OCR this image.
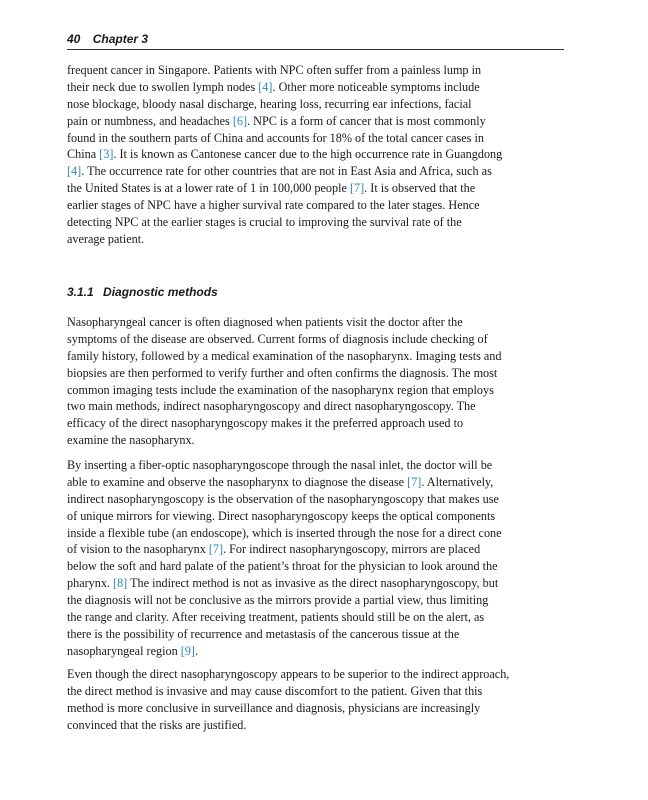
40 Chapter 3

frequent cancer in Singapore. Patients with NPC often suffer from a painless lump in
their neck due to swollen lymph nodes [4]. Other more noticeable symptoms include
nose blockage, bloody nasal discharge, hearing loss, recurring ear infections, facial
pain or numbness, and headaches [6]. NPC is a form of cancer that is most commonly
found in the southern parts of China and accounts for 18% of the total cancer cases in
China [3]. It is known as Cantonese cancer due to the high occurrence rate in Guangdong
[4]. The occurrence rate for other countries that are not in East Asia and Africa, such as
the United States is at a lower rate of 1 in 100,000 people [7]. It is observed that the
earlier stages of NPC have a higher survival rate compared to the later stages. Hence
detecting NPC at the earlier stages is crucial to improving the survival rate of the
average patient.

3.1.1 Diagnostic methods

Nasopharyngeal cancer is often diagnosed when patients visit the doctor after the
symptoms of the disease are observed. Current forms of diagnosis include checking of
family history, followed by a medical examination of the nasopharynx. Imaging tests and
biopsies are then performed to verify further and often confirms the diagnosis. The most
common imaging tests include the examination of the nasopharynx region that employs
two main methods, indirect nasopharyngoscopy and direct nasopharyngoscopy. The
efficacy of the direct nasopharyngoscopy makes it the preferred approach used to
examine the nasopharynx.

By inserting a fiber-optic nasopharyngoscope through the nasal inlet, the doctor will be
able to examine and observe the nasopharynx to diagnose the disease [7]. Alternatively,
indirect nasopharyngoscopy is the observation of the nasopharyngoscopy that makes use
of unique mirrors for viewing. Direct nasopharyngoscopy keeps the optical components
inside a flexible tube (an endoscope), which is inserted through the nose for a direct cone
of vision to the nasopharynx [7]. For indirect nasopharyngoscopy, mirrors are placed
below the soft and hard palate of the patient’s throat for the physician to look around the
pharynx. [8] The indirect method is not as invasive as the direct nasopharyngoscopy, but
the diagnosis will not be conclusive as the mirrors provide a partial view, thus limiting
the range and clarity. After receiving treatment, patients should still be on the alert, as
there is the possibility of recurrence and metastasis of the cancerous tissue at the
nasopharyngeal region [9].

Even though the direct nasopharyngoscopy appears to be superior to the indirect approach,
the direct method is invasive and may cause discomfort to the patient. Given that this
method is more conclusive in surveillance and diagnosis, physicians are increasingly
convinced that the risks are justified.
